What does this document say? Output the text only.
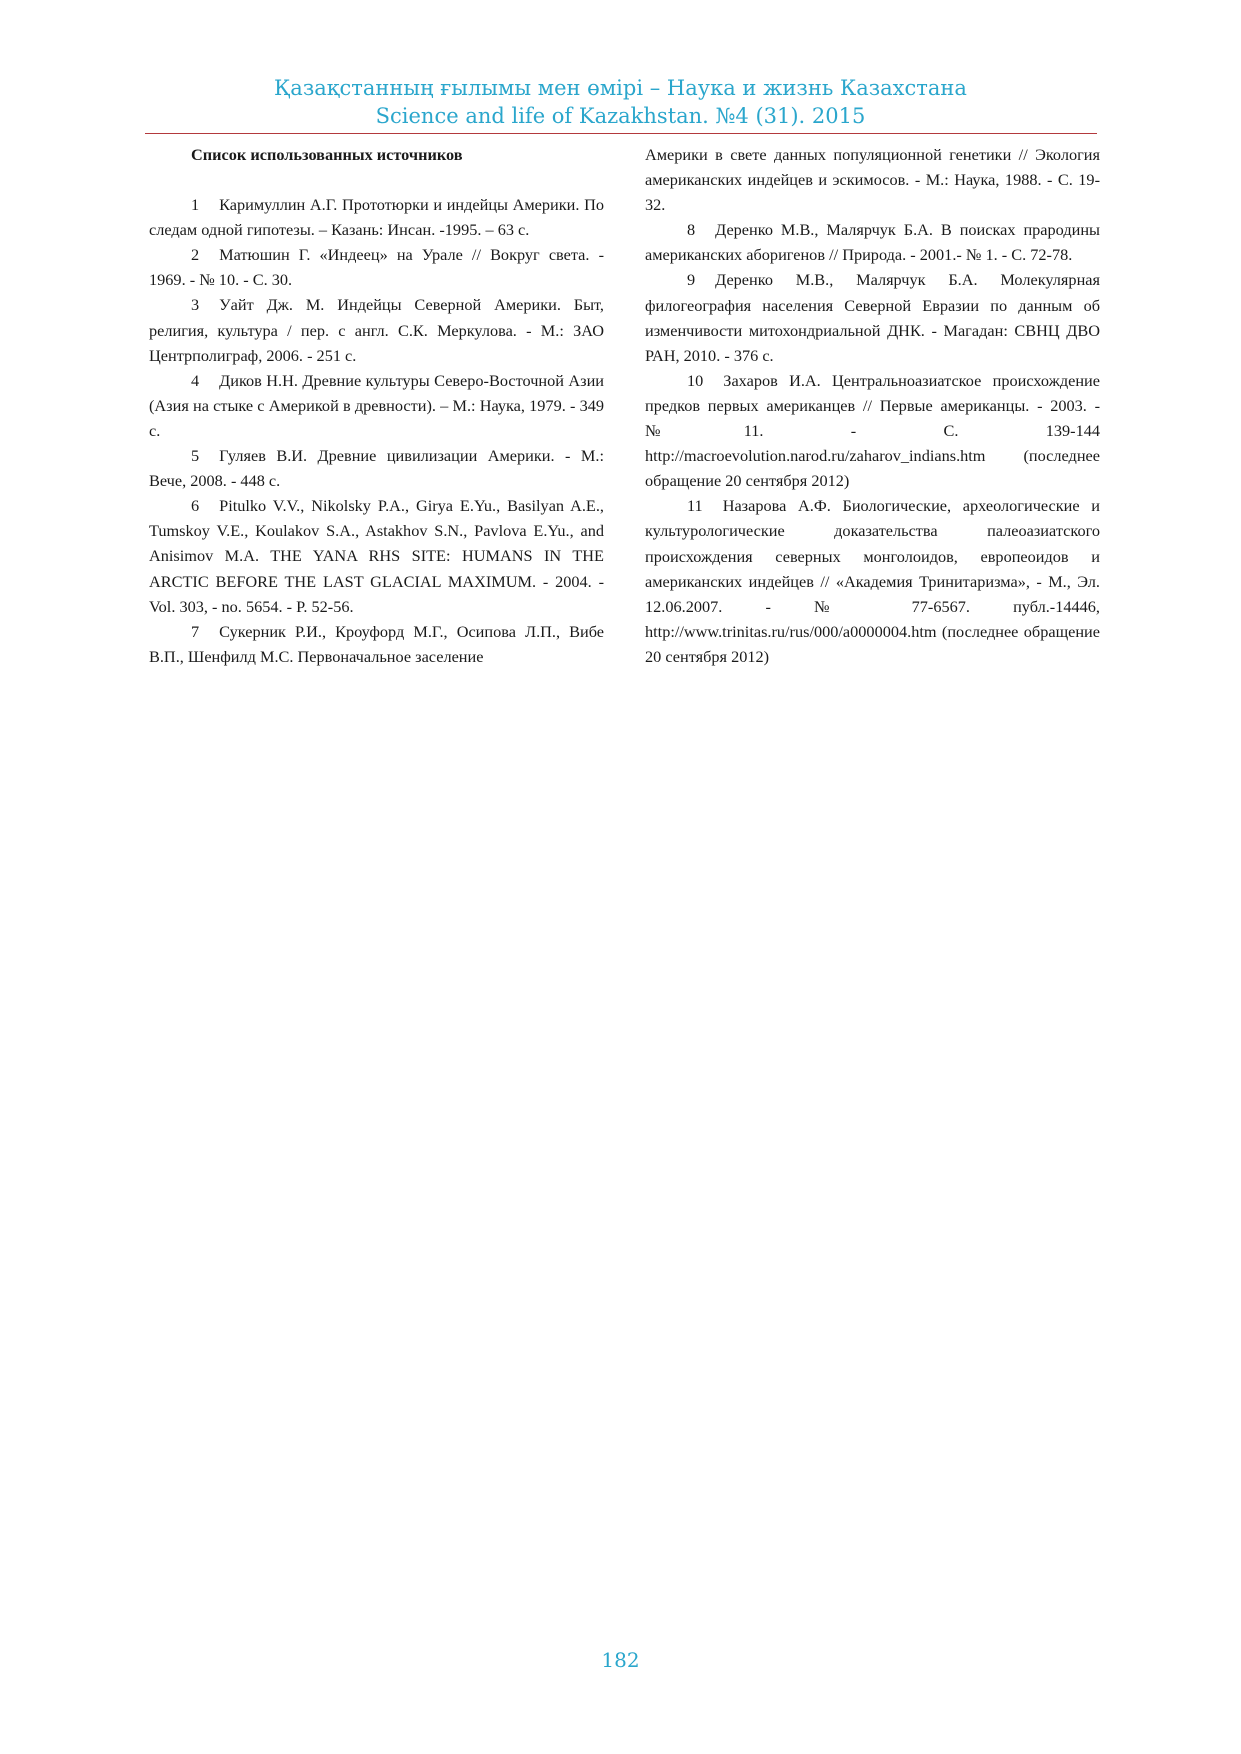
Қазақстанның ғылымы мен өмірі – Наука и жизнь Казахстана
Science and life of Kazakhstan. №4 (31). 2015
Список использованных источников
1 Каримуллин А.Г. Прототюрки и индейцы Америки. По следам одной гипотезы. – Казань: Инсан. -1995. – 63 с.
2 Матюшин Г. «Индеец» на Урале // Вокруг света. - 1969. - № 10. - С. 30.
3 Уайт Дж. М. Индейцы Северной Америки. Быт, религия, культура / пер. с англ. С.К. Меркулова. - М.: ЗАО Центрполиграф, 2006. - 251 с.
4 Диков Н.Н. Древние культуры Северо-Восточной Азии (Азия на стыке с Америкой в древности). – М.: Наука, 1979. - 349 с.
5 Гуляев В.И. Древние цивилизации Америки. - М.: Вече, 2008. - 448 с.
6 Pitulko V.V., Nikolsky P.A., Girya E.Yu., Basilyan A.E., Tumskoy V.E., Koulakov S.A., Astakhov S.N., Pavlova E.Yu., and Anisimov M.A. THE YANA RHS SITE: HUMANS IN THE ARCTIC BEFORE THE LAST GLACIAL MAXIMUM. - 2004. - Vol. 303, - no. 5654. - P. 52-56.
7 Сукерник Р.И., Кроуфорд М.Г., Осипова Л.П., Вибе В.П., Шенфилд М.С. Первоначальное заселение
Америки в свете данных популяционной генетики // Экология американских индейцев и эскимосов. - М.: Наука, 1988. - С. 19-32.
8 Деренко М.В., Малярчук Б.А. В поисках прародины американских аборигенов // Природа. - 2001.- № 1. - С. 72-78.
9 Деренко М.В., Малярчук Б.А. Молекулярная филогеография населения Северной Евразии по данным об изменчивости митохондриальной ДНК. - Магадан: СВНЦ ДВО РАН, 2010. - 376 с.
10 Захаров И.А. Центральноазиатское происхождение предков первых американцев // Первые американцы. - 2003. - №11. - С. 139-144 http://macroevolution.narod.ru/zaharov_indians.htm (последнее обращение 20 сентября 2012)
11 Назарова А.Ф. Биологические, археологические и культурологические доказательства палеоазиатского происхождения северных монголоидов, европеоидов и американских индейцев // «Академия Тринитаризма», - М., Эл. 12.06.2007. - № 77-6567. публ.-14446, http://www.trinitas.ru/rus/000/a0000004.htm (последнее обращение 20 сентября 2012)
182
